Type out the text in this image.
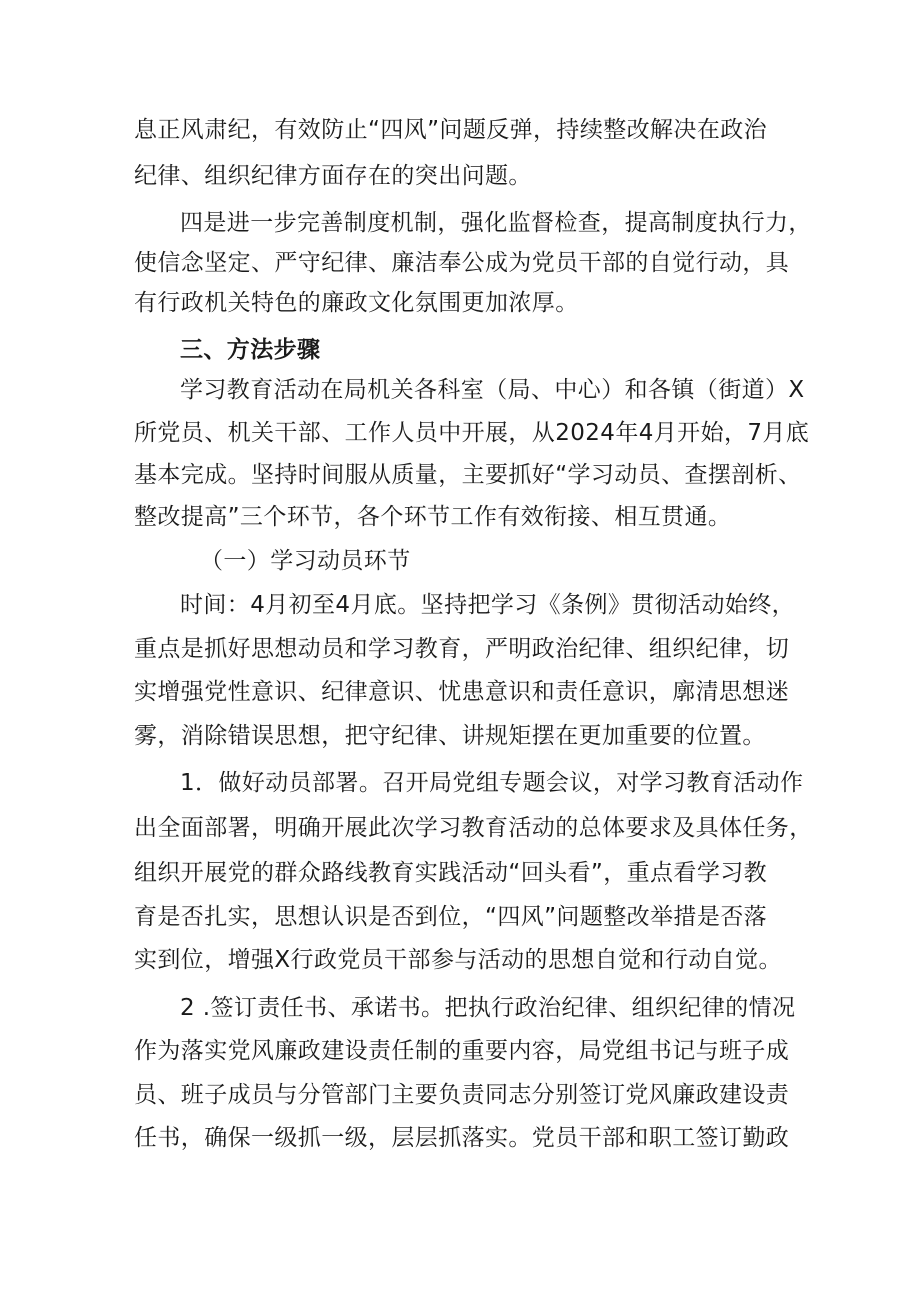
息正风肃纪，有效防止“四风”问题反弹，持续整改解决在政治
纪律、组织纪律方面存在的突出问题。
四是进一步完善制度机制，强化监督检查，提高制度执行力，
使信念坚定、严守纪律、廉洁奉公成为党员干部的自觉行动，具
有行政机关特色的廉政文化氛围更加浓厚。
三、方法步骤
学习教育活动在局机关各科室（局、中心）和各镇（街道）X
所党员、机关干部、工作人员中开展，从2024年4月开始，7月底
基本完成。坚持时间服从质量，主要抓好“学习动员、查摆剖析、
整改提高”三个环节，各个环节工作有效衔接、相互贯通。
（一）学习动员环节
时间：4月初至4月底。坚持把学习《条例》贯彻活动始终，
重点是抓好思想动员和学习教育，严明政治纪律、组织纪律，切
实增强党性意识、纪律意识、忧患意识和责任意识，廓清思想迷
雾，消除错误思想，把守纪律、讲规矩摆在更加重要的位置。
1．做好动员部署。召开局党组专题会议，对学习教育活动作
出全面部署，明确开展此次学习教育活动的总体要求及具体任务，
组织开展党的群众路线教育实践活动“回头看”，重点看学习教
育是否扎实，思想认识是否到位，“四风”问题整改举措是否落
实到位，增强X行政党员干部参与活动的思想自觉和行动自觉。
2 .签订责任书、承诺书。把执行政治纪律、组织纪律的情况
作为落实党风廉政建设责任制的重要内容，局党组书记与班子成
员、班子成员与分管部门主要负责同志分别签订党风廉政建设责
任书，确保一级抓一级，层层抓落实。党员干部和职工签订勤政
